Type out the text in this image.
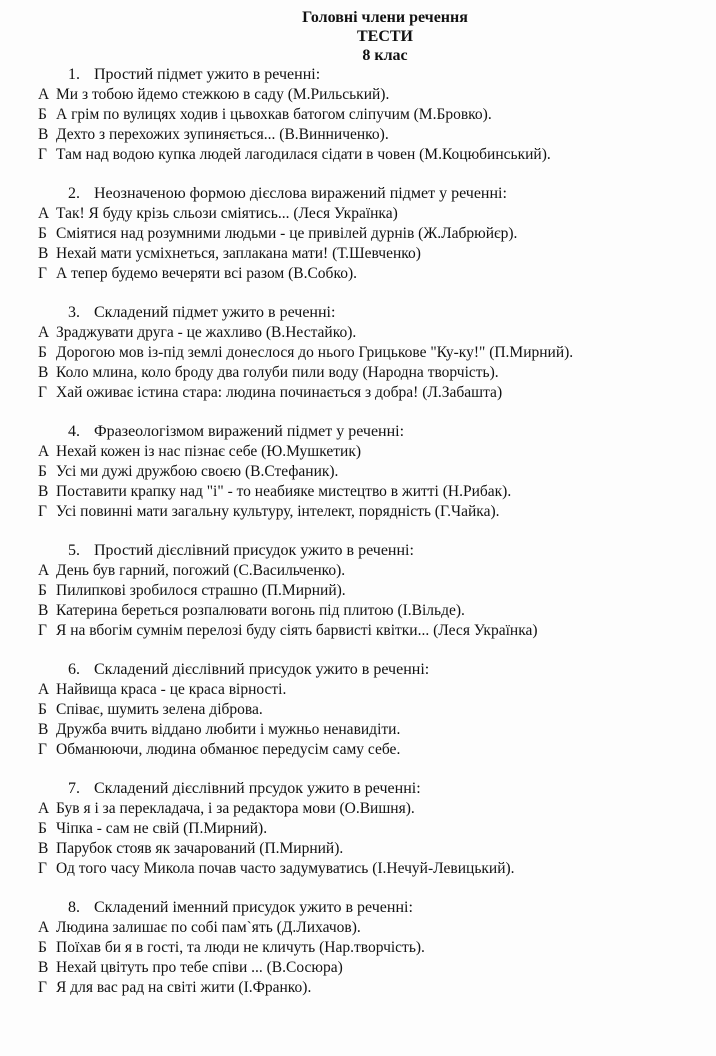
Головні члени речення
ТЕСТИ
8 клас
1. Простий підмет ужито в реченні:
А Ми з тобою йдемо стежкою в саду (М.Рильський).
Б А грім по вулицях ходив і цьвохкав батогом сліпучим (М.Бровко).
В Дехто з перехожих зупиняється... (В.Винниченко).
Г Там над водою купка людей лагодилася сідати в човен (М.Коцюбинський).
2. Неозначеною формою дієслова виражений підмет у реченні:
А Так! Я буду крізь сльози сміятись... (Леся Українка)
Б Сміятися над розумними людьми - це привілей дурнів (Ж.Лабрюйєр).
В Нехай мати усміхнеться, заплакана мати! (Т.Шевченко)
Г А тепер будемо вечеряти всі разом (В.Собко).
3. Складений підмет ужито в реченні:
А Зраджувати друга - це жахливо (В.Нестайко).
Б Дорогою мов із-під землі донеслося до нього Грицькове "Ку-ку!" (П.Мирний).
В Коло млина, коло броду два голуби пили воду (Народна творчість).
Г Хай оживає істина стара: людина починається з добра! (Л.Забашта)
4. Фразеологізмом виражений підмет у реченні:
А Нехай кожен із нас пізнає себе (Ю.Мушкетик)
Б Усі ми дужі дружбою своєю (В.Стефаник).
В Поставити крапку над "і" - то неабияке мистецтво в житті (Н.Рибак).
Г Усі повинні мати загальну культуру, інтелект, порядність (Г.Чайка).
5. Простий дієслівний присудок ужито в реченні:
А День був гарний, погожий (С.Васильченко).
Б Пилипкові зробилося страшно (П.Мирний).
В Катерина береться розпалювати вогонь під плитою (І.Вільде).
Г Я на вбогім сумнім перелозі буду сіять барвисті квітки... (Леся Українка)
6. Складений дієслівний присудок ужито в реченні:
А Найвища краса - це краса вірності.
Б Співає, шумить зелена діброва.
В Дружба вчить віддано любити і мужньо ненавидіти.
Г Обманюючи, людина обманює передусім саму себе.
7. Складений дієслівний прсудок ужито в реченні:
А Був я і за перекладача, і за редактора мови (О.Вишня).
Б Чіпка - сам не свій (П.Мирний).
В Парубок стояв як зачарований (П.Мирний).
Г Од того часу Микола почав часто задумуватись (І.Нечуй-Левицький).
8. Складений іменний присудок ужито в реченні:
А Людина залишає по собі пам`ять (Д.Лихачов).
Б Поїхав би я в гості, та люди не кличуть (Нар.творчість).
В Нехай цвітуть про тебе співи ... (В.Сосюра)
Г Я для вас рад на світі жити (І.Франко).
